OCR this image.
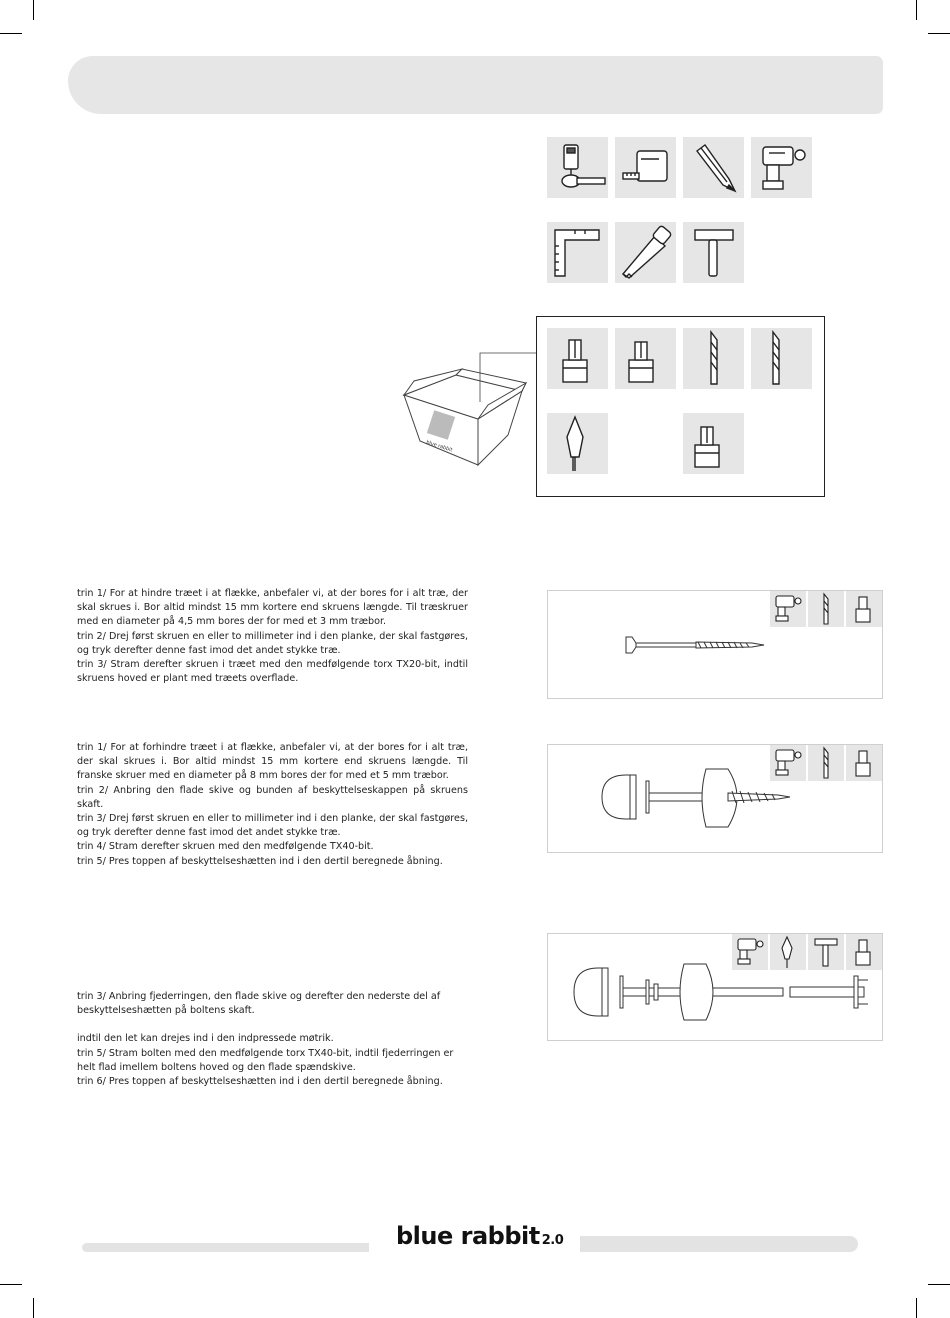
blue rabbit

trin 1/ For at hindre træet i at flække, anbefaler vi, at der bores for i alt træ, der skal skrues i. Bor altid mindst 15 mm kortere end skruens længde. Til træskruer med en diameter på 4,5 mm bores der for med et 3 mm træbor.

trin 2/ Drej først skruen en eller to millimeter ind i den planke, der skal fastgøres, og tryk derefter denne fast imod det andet stykke træ.

trin 3/ Stram derefter skruen i træet med den medfølgende torx TX20-bit, indtil skruens hoved er plant med træets overflade.

trin 1/ For at forhindre træet i at flække, anbefaler vi, at der bores for i alt træ, der skal skrues i. Bor altid mindst 15 mm kortere end skruens længde. Til franske skruer med en diameter på 8 mm bores der for med et 5 mm træbor.

trin 2/ Anbring den flade skive og bunden af beskyttelseskappen på skruens skaft.

trin 3/ Drej først skruen en eller to millimeter ind i den planke, der skal fastgøres, og tryk derefter denne fast imod det andet stykke træ.

trin 4/ Stram derefter skruen med den medfølgende TX40-bit.

trin 5/ Pres toppen af beskyttelseshætten ind i den dertil beregnede åbning.

trin 3/ Anbring fjederringen, den flade skive og derefter den nederste del af beskyttelseshætten på boltens skaft.

indtil den let kan drejes ind i den indpressede møtrik.

trin 5/ Stram bolten med den medfølgende torx TX40-bit, indtil fjederringen er helt flad imellem boltens hoved og den flade spændskive.

trin 6/ Pres toppen af beskyttelseshætten ind i den dertil beregnede åbning.

blue rabbit 2.0
